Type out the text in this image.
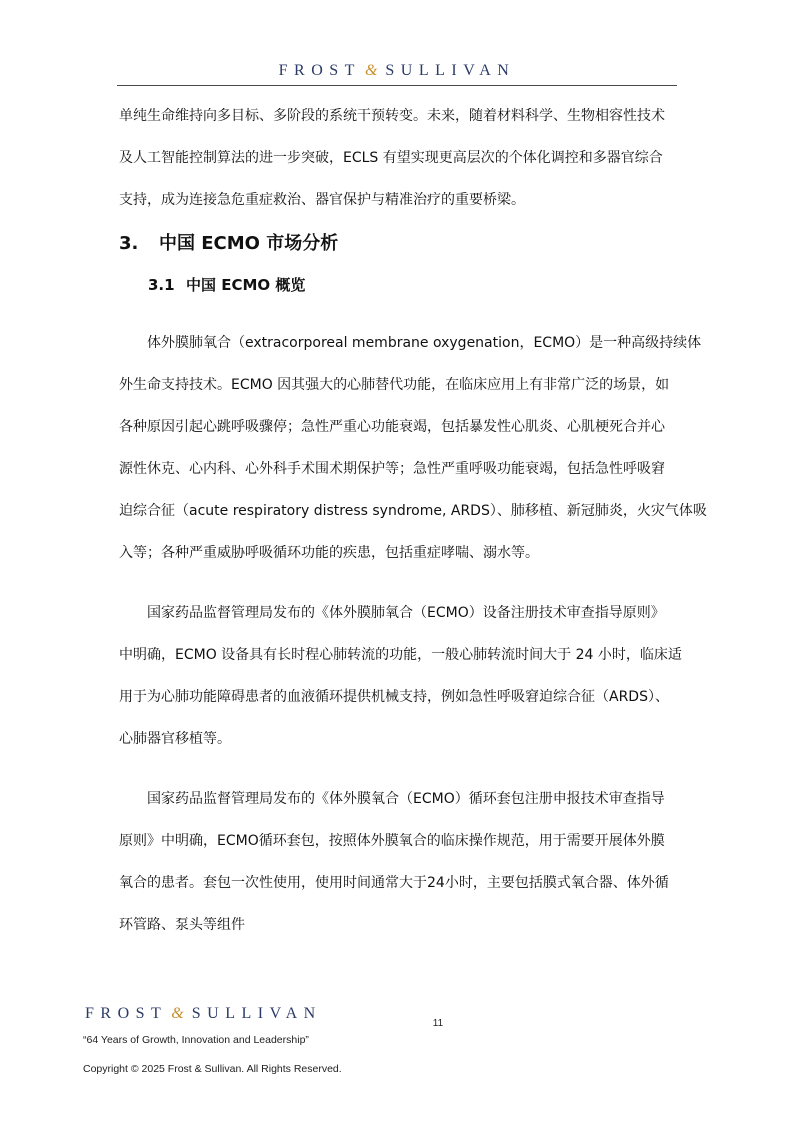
FROST & SULLIVAN
单纯生命维持向多目标、多阶段的系统干预转变。未来，随着材料科学、生物相容性技术
及人工智能控制算法的进一步突破，ECLS 有望实现更高层次的个体化调控和多器官综合
支持，成为连接急危重症救治、器官保护与精准治疗的重要桥梁。
3. 中国 ECMO 市场分析
3.1 中国 ECMO 概览
　　体外膜肺氧合（extracorporeal membrane oxygenation，ECMO）是一种高级持续体
外生命支持技术。ECMO 因其强大的心肺替代功能，在临床应用上有非常广泛的场景，如
各种原因引起心跳呼吸骤停；急性严重心功能衰竭，包括暴发性心肌炎、心肌梗死合并心
源性休克、心内科、心外科手术围术期保护等；急性严重呼吸功能衰竭，包括急性呼吸窘
迫综合征（acute respiratory distress syndrome, ARDS）、肺移植、新冠肺炎，火灾气体吸
入等；各种严重威胁呼吸循环功能的疾患，包括重症哮喘、溺水等。
　　国家药品监督管理局发布的《体外膜肺氧合（ECMO）设备注册技术审查指导原则》
中明确，ECMO 设备具有长时程心肺转流的功能，一般心肺转流时间大于 24 小时，临床适
用于为心肺功能障碍患者的血液循环提供机械支持，例如急性呼吸窘迫综合征（ARDS）、
心肺器官移植等。
　　国家药品监督管理局发布的《体外膜氧合（ECMO）循环套包注册申报技术审查指导
原则》中明确，ECMO循环套包，按照体外膜氧合的临床操作规范，用于需要开展体外膜
氧合的患者。套包一次性使用，使用时间通常大于24小时，主要包括膜式氧合器、体外循
环管路、泵头等组件
FROST & SULLIVAN
11
“64 Years of Growth, Innovation and Leadership”
Copyright © 2025 Frost & Sullivan. All Rights Reserved.
